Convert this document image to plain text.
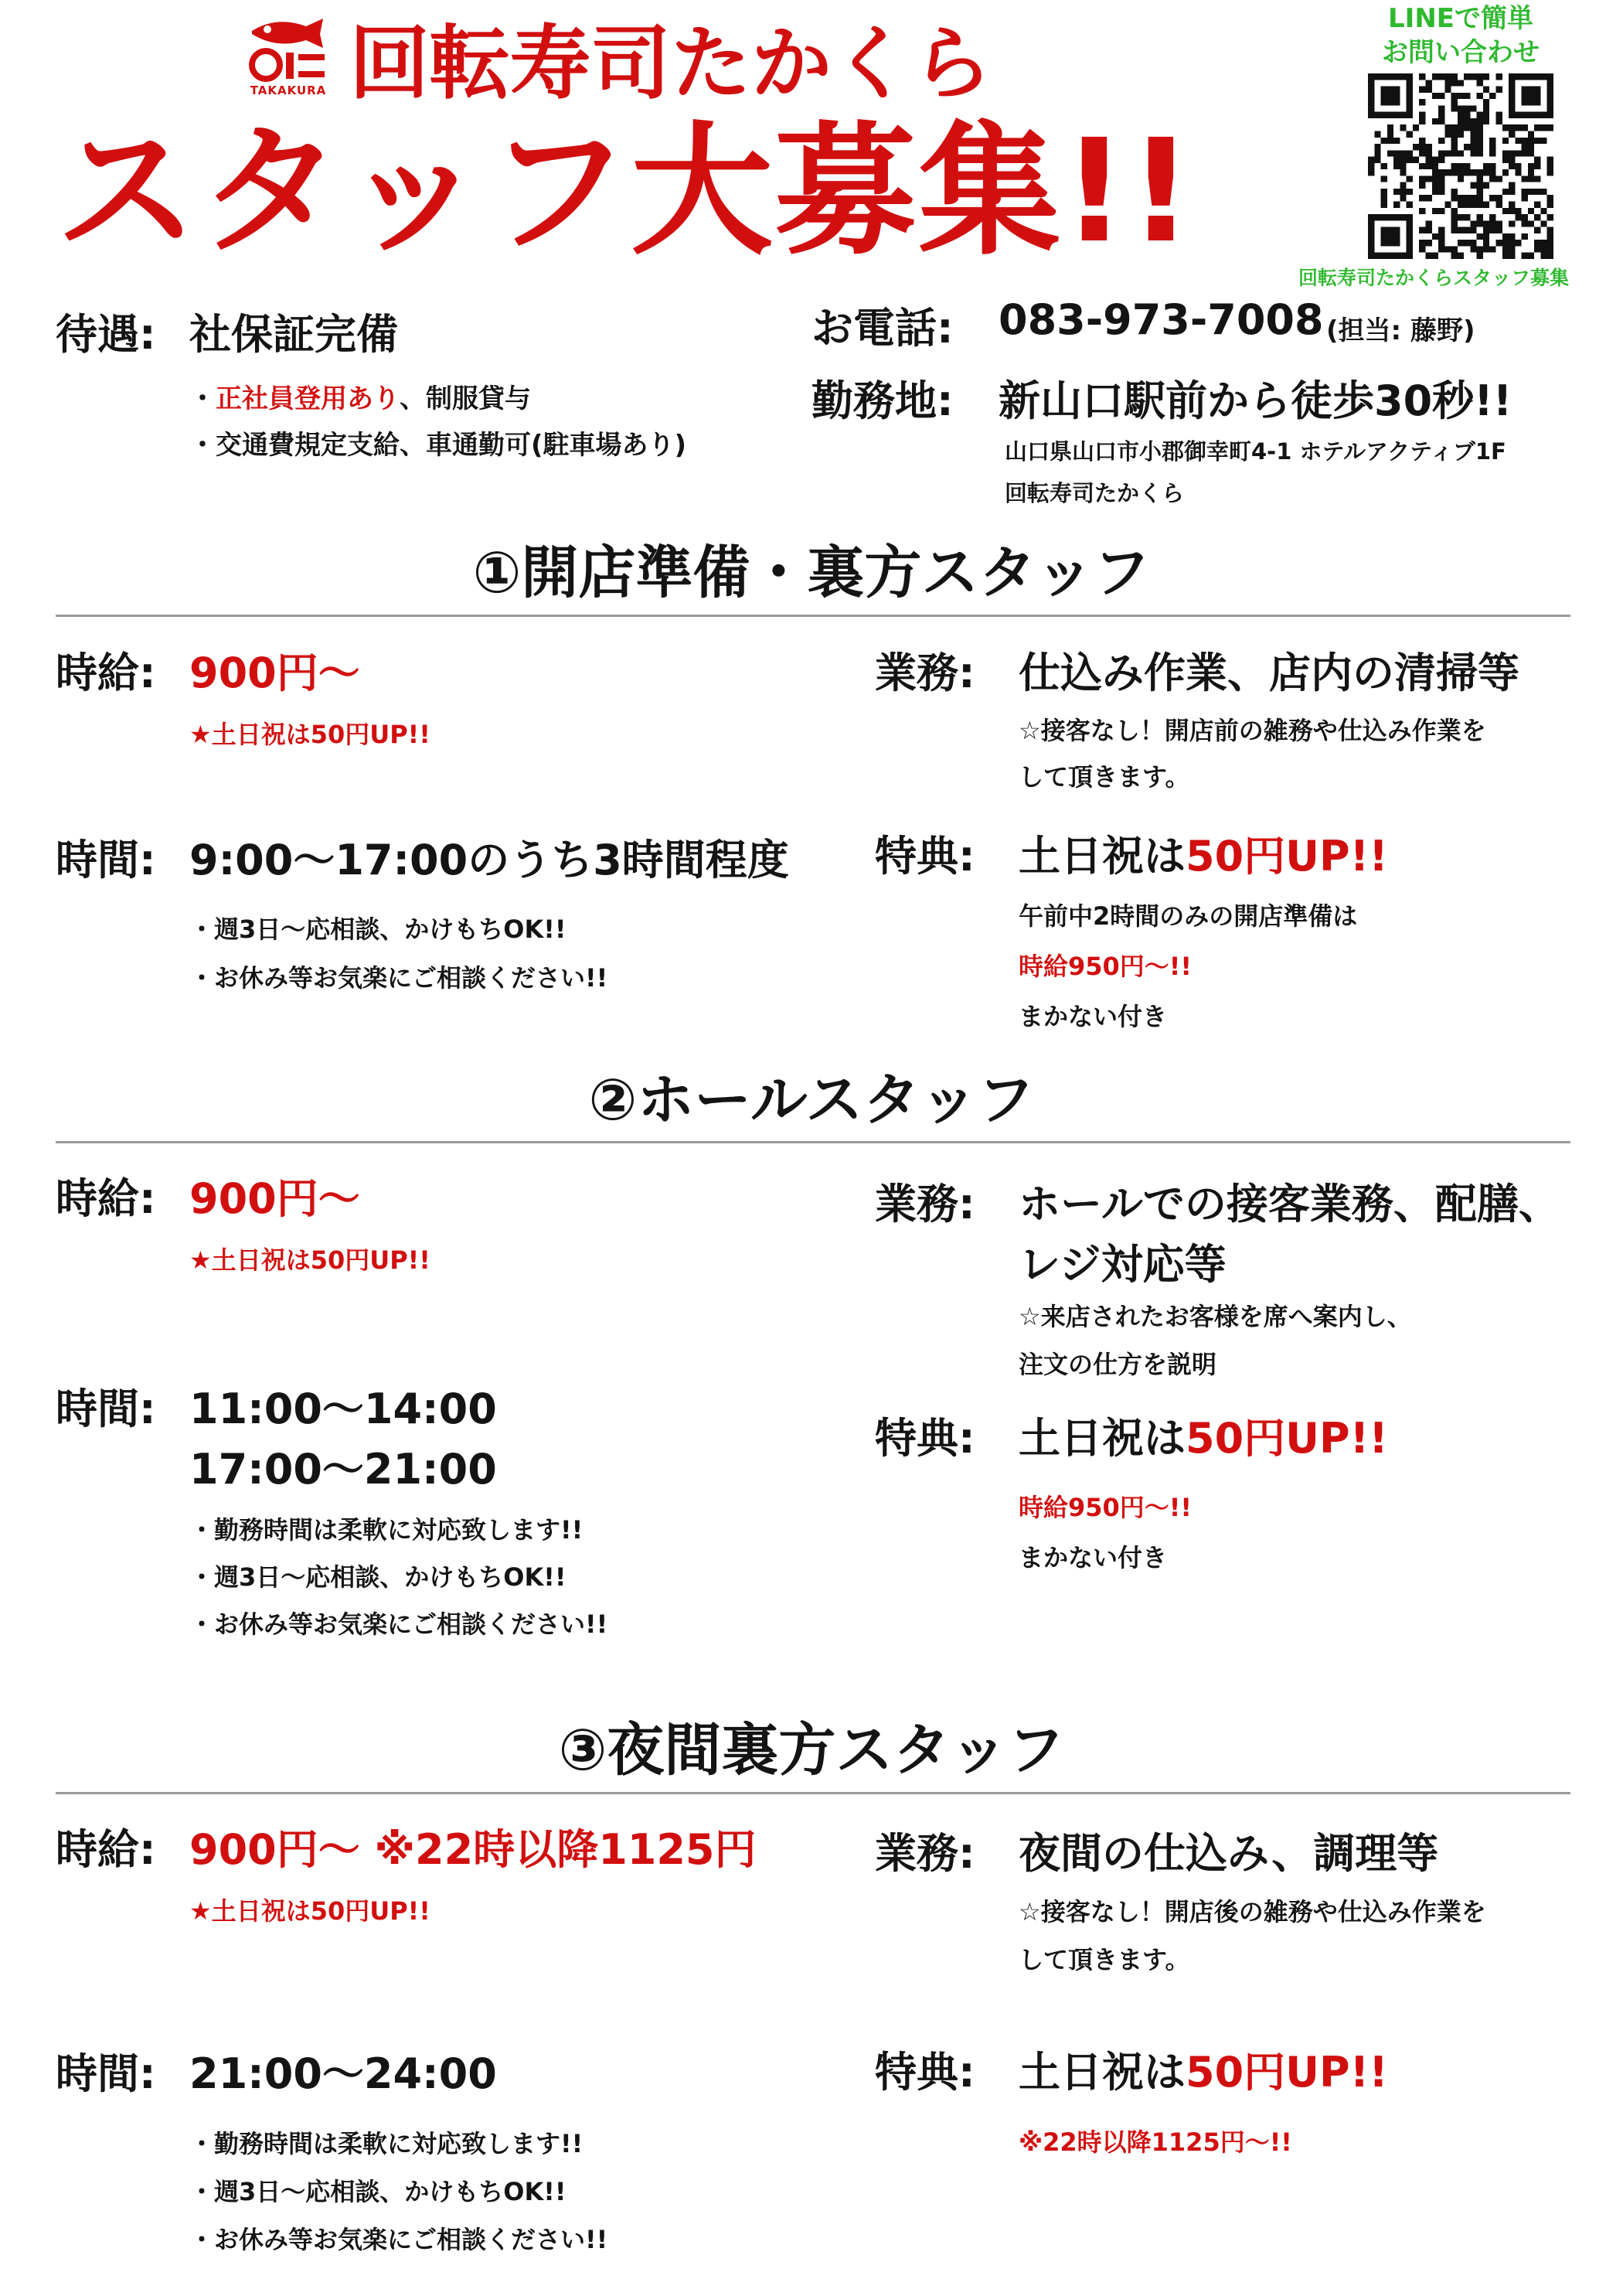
TAKAKURA 回転寿司たかくら
スタッフ大募集!!
LINEで簡単
お問い合わせ
回転寿司たかくらスタッフ募集
待遇: 社保証完備
・正社員登用あり、制服貸与
・交通費規定支給、車通勤可(駐車場あり)
お電話: 083-973-7008 (担当: 藤野)
勤務地: 新山口駅前から徒歩30秒!!
山口県山口市小郡御幸町4-1 ホテルアクティブ1F
回転寿司たかくら
①開店準備・裏方スタッフ
時給: 900円〜
★土日祝は50円UP!!
時間: 9:00〜17:00のうち3時間程度
・週3日〜応相談、かけもちOK!!
・お休み等お気楽にご相談ください!!
業務: 仕込み作業、店内の清掃等
☆接客なし！開店前の雑務や仕込み作業を
して頂きます。
特典: 土日祝は50円UP!!
午前中2時間のみの開店準備は
時給950円〜!!
まかない付き
②ホールスタッフ
時給: 900円〜
★土日祝は50円UP!!
時間: 11:00〜14:00
17:00〜21:00
・勤務時間は柔軟に対応致します!!
・週3日〜応相談、かけもちOK!!
・お休み等お気楽にご相談ください!!
業務: ホールでの接客業務、配膳、
レジ対応等
☆来店されたお客様を席へ案内し、
注文の仕方を説明
特典: 土日祝は50円UP!!
時給950円〜!!
まかない付き
③夜間裏方スタッフ
時給: 900円〜 ※22時以降1125円
★土日祝は50円UP!!
時間: 21:00〜24:00
・勤務時間は柔軟に対応致します!!
・週3日〜応相談、かけもちOK!!
・お休み等お気楽にご相談ください!!
業務: 夜間の仕込み、調理等
☆接客なし！開店後の雑務や仕込み作業を
して頂きます。
特典: 土日祝は50円UP!!
※22時以降1125円〜!!
